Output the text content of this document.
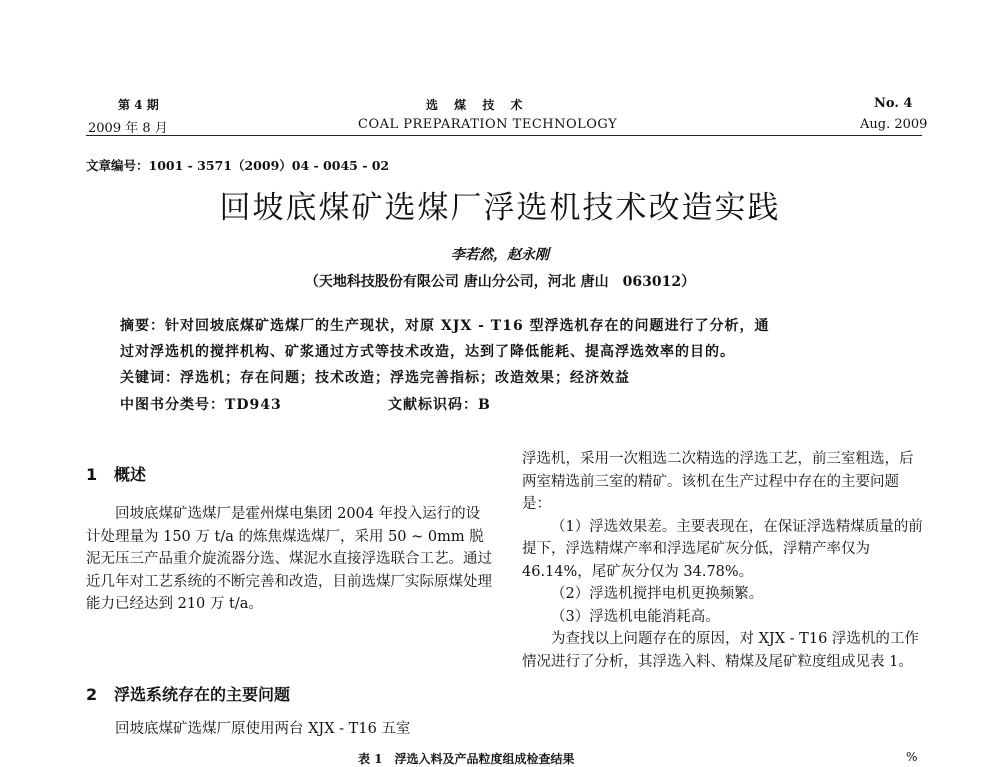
第 4 期
2009 年 8 月
选 煤 技 术
COAL PREPARATION TECHNOLOGY
No. 4
Aug. 2009
文章编号：1001 - 3571（2009）04 - 0045 - 02
回坡底煤矿选煤厂浮选机技术改造实践
李若然，赵永刚
（天地科技股份有限公司 唐山分公司，河北 唐山　063012）
摘要：针对回坡底煤矿选煤厂的生产现状，对原 XJX - T16 型浮选机存在的问题进行了分析，通
过对浮选机的搅拌机构、矿浆通过方式等技术改造，达到了降低能耗、提高浮选效率的目的。
关键词：浮选机；存在问题；技术改造；浮选完善指标；改造效果；经济效益
中图书分类号：TD943	文献标识码：B
1 概述

回坡底煤矿选煤厂是霍州煤电集团 2004 年投入运行的设计处理量为 150 万 t/a 的炼焦煤选煤厂，采用 50 ~ 0mm 脱泥无压三产品重介旋流器分选、煤泥水直接浮选联合工艺。通过近几年对工艺系统的不断完善和改造，目前选煤厂实际原煤处理能力已经达到 210 万 t/a。

2 浮选系统存在的主要问题

回坡底煤矿选煤厂原使用两台 XJX - T16 五室

浮选机，采用一次粗选二次精选的浮选工艺，前三室粗选，后两室精选前三室的精矿。该机在生产过程中存在的主要问题是：

（1）浮选效果差。主要表现在，在保证浮选精煤质量的前提下，浮选精煤产率和浮选尾矿灰分低，浮精产率仅为 46.14%，尾矿灰分仅为 34.78%。

（2）浮选机搅拌电机更换频繁。

（3）浮选机电能消耗高。

为查找以上问题存在的原因，对 XJX - T16 浮选机的工作情况进行了分析，其浮选入料、精煤及尾矿粒度组成见表 1。

表 1　浮选入料及产品粒度组成检查结果	%
